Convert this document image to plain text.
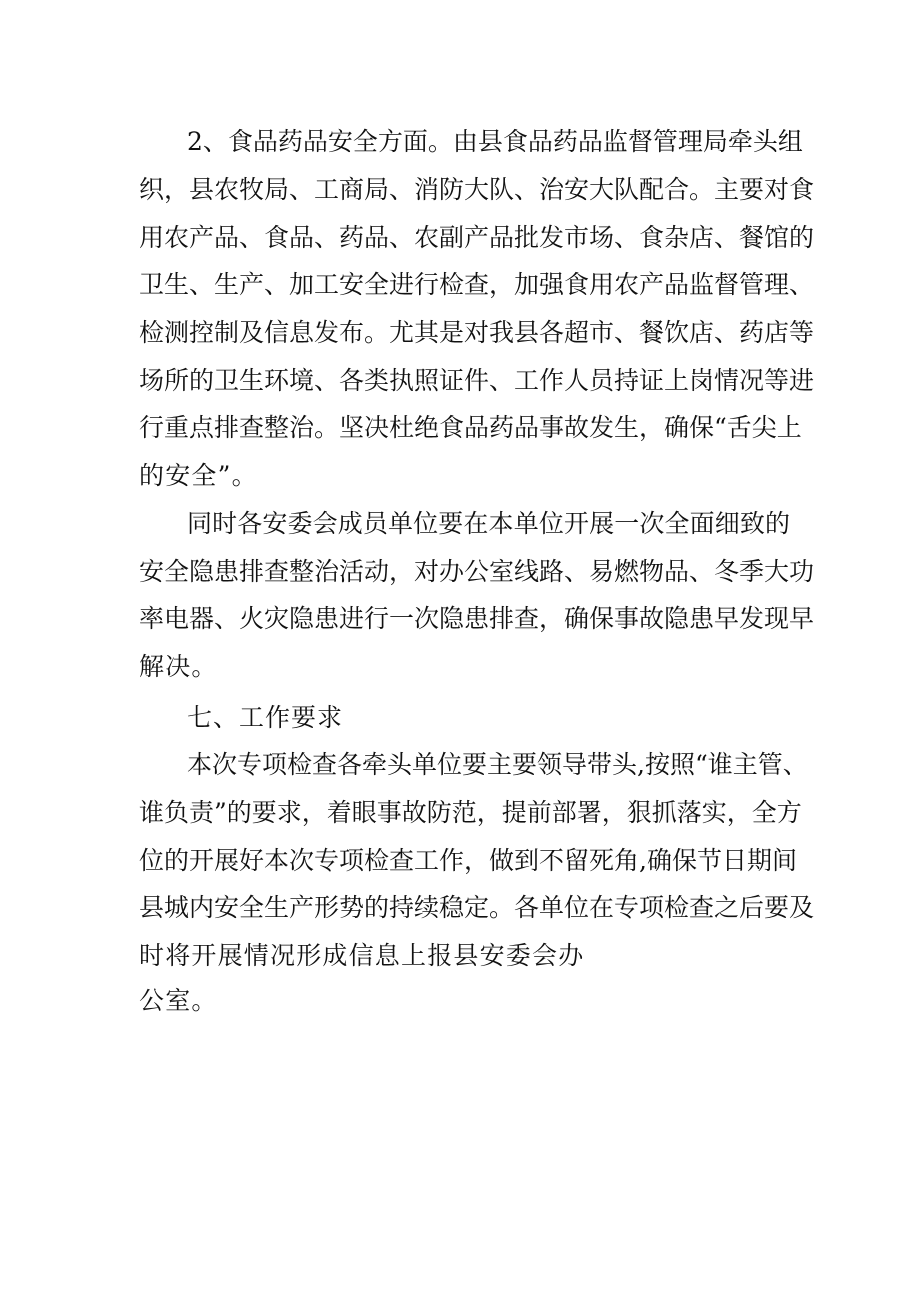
2、食品药品安全方面。由县食品药品监督管理局牵头组
织，县农牧局、工商局、消防大队、治安大队配合。主要对食
用农产品、食品、药品、农副产品批发市场、食杂店、餐馆的
卫生、生产、加工安全进行检查，加强食用农产品监督管理、
检测控制及信息发布。尤其是对我县各超市、餐饮店、药店等
场所的卫生环境、各类执照证件、工作人员持证上岗情况等进
行重点排查整治。坚决杜绝食品药品事故发生，确保“舌尖上
的安全”。
同时各安委会成员单位要在本单位开展一次全面细致的
安全隐患排查整治活动，对办公室线路、易燃物品、冬季大功
率电器、火灾隐患进行一次隐患排查，确保事故隐患早发现早
解决。
七、工作要求
本次专项检查各牵头单位要主要领导带头,按照“谁主管、
谁负责”的要求，着眼事故防范，提前部署，狠抓落实，全方
位的开展好本次专项检查工作，做到不留死角,确保节日期间
县城内安全生产形势的持续稳定。各单位在专项检查之后要及
时将开展情况形成信息上报县安委会办
公室。
